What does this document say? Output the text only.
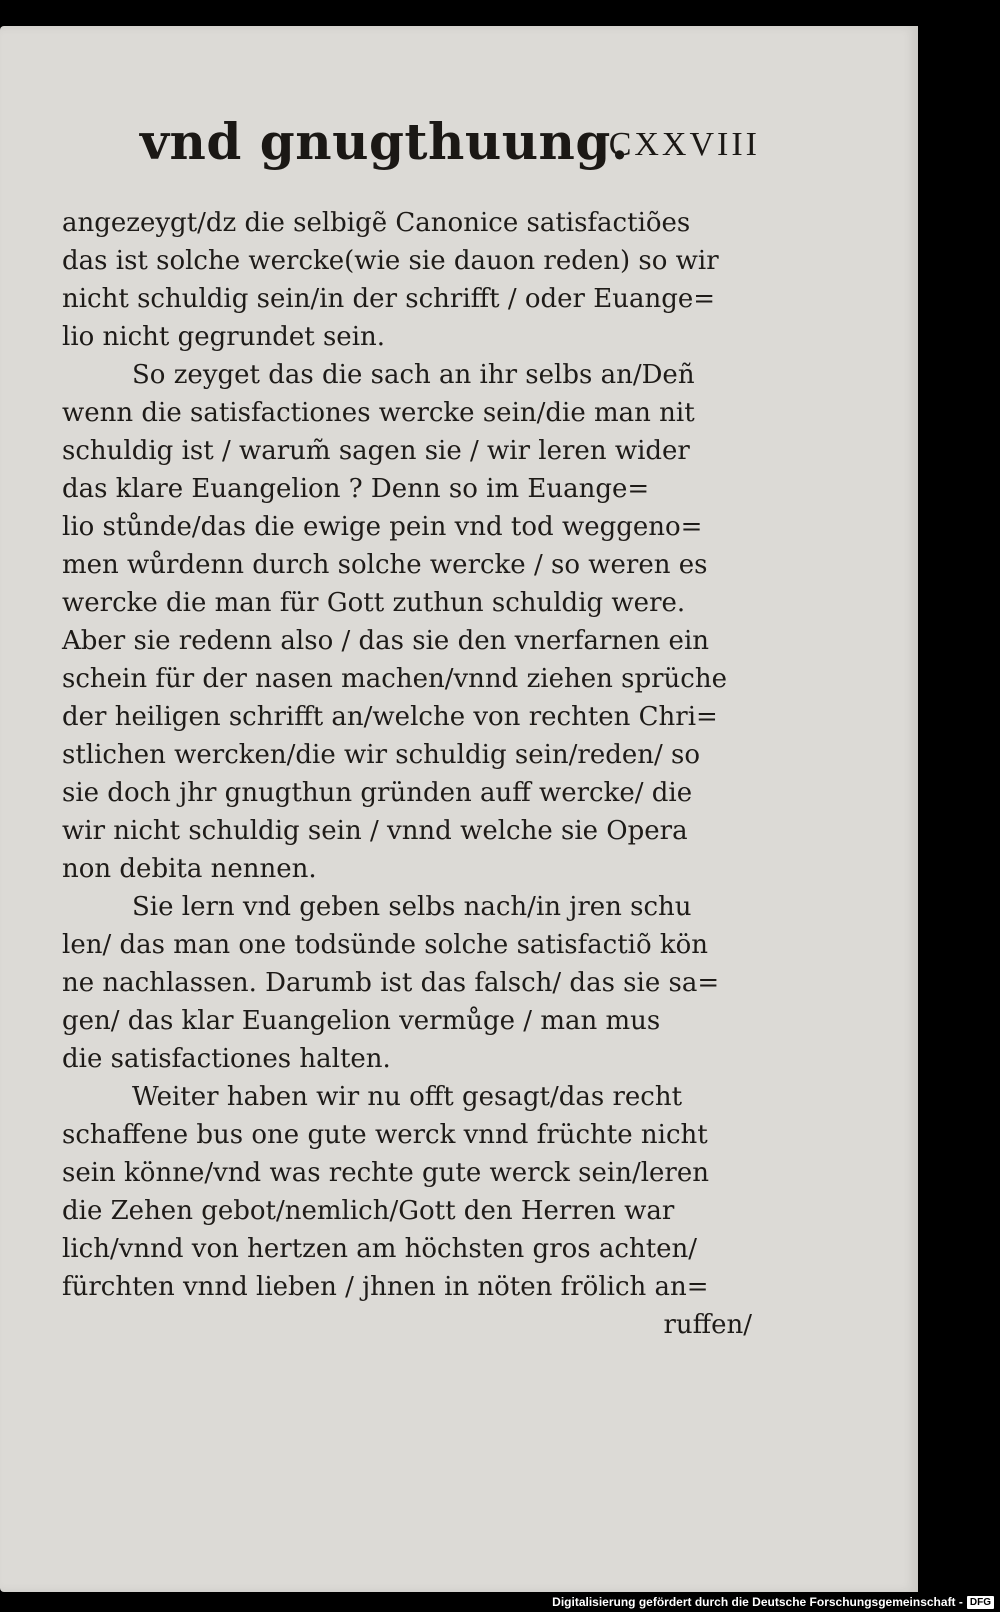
vnd gnugthuung.
CXXVIII
angezeygt/dz die selbigẽ Canonice satisfactiões
das ist solche wercke(wie sie dauon reden) so wir
nicht schuldig sein/in der schrifft / oder Euange=
lio nicht gegrundet sein.
So zeyget das die sach an ihr selbs an/Deñ
wenn die satisfactiones wercke sein/die man nit
schuldig ist / warum̃ sagen sie / wir leren wider
das klare Euangelion ? Denn so im Euange=
lio stůnde/das die ewige pein vnd tod weggeno=
men wůrdenn durch solche wercke / so weren es
wercke die man für Gott zuthun schuldig were.
Aber sie redenn also / das sie den vnerfarnen ein
schein für der nasen machen/vnnd ziehen sprüche
der heiligen schrifft an/welche von rechten Chri=
stlichen wercken/die wir schuldig sein/reden/ so
sie doch jhr gnugthun gründen auff wercke/ die
wir nicht schuldig sein / vnnd welche sie Opera
non debita nennen.
Sie lern vnd geben selbs nach/in jren schu
len/ das man one todsünde solche satisfactiõ kön
ne nachlassen. Darumb ist das falsch/ das sie sa=
gen/ das klar Euangelion vermůge / man mus
die satisfactiones halten.
Weiter haben wir nu offt gesagt/das recht
schaffene bus one gute werck vnnd früchte nicht
sein könne/vnd was rechte gute werck sein/leren
die Zehen gebot/nemlich/Gott den Herren war
lich/vnnd von hertzen am höchsten gros achten/
fürchten vnnd lieben / jhnen in nöten frölich an=
ruffen/
Digitalisierung gefördert durch die Deutsche Forschungsgemeinschaft - DFG
